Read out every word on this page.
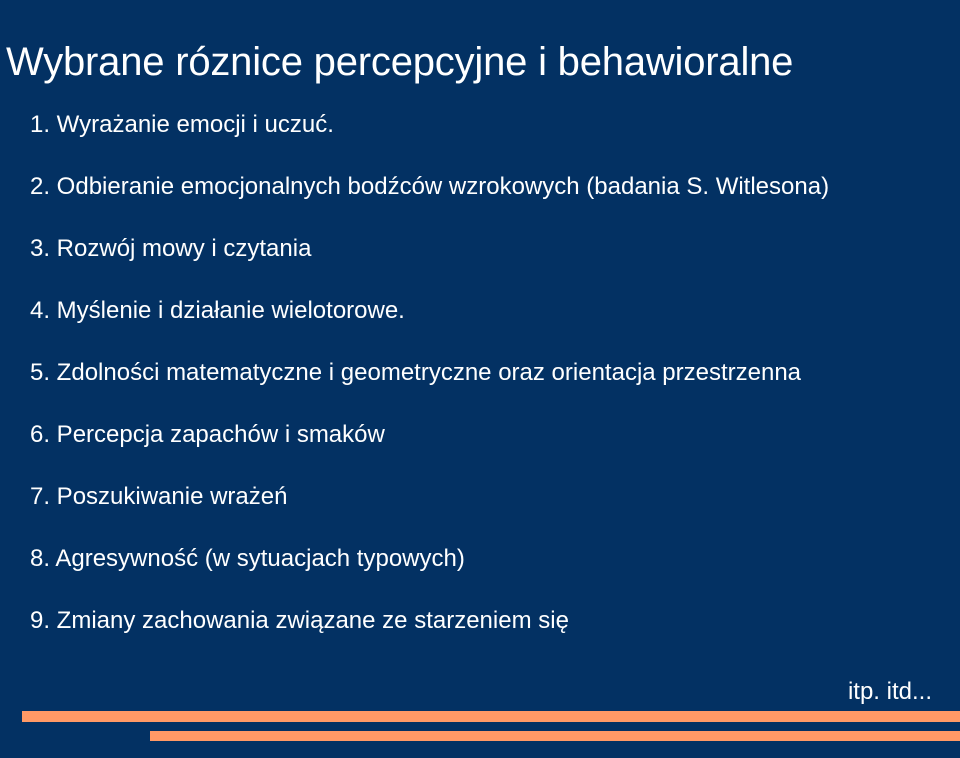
Wybrane róznice percepcyjne i behawioralne
1. Wyrażanie emocji i uczuć.
2. Odbieranie emocjonalnych bodźców wzrokowych (badania S. Witlesona)
3. Rozwój mowy i czytania
4. Myślenie i działanie wielotorowe.
5. Zdolności matematyczne i geometryczne oraz orientacja przestrzenna
6. Percepcja zapachów i smaków
7. Poszukiwanie wrażeń
8. Agresywność (w sytuacjach typowych)
9. Zmiany zachowania związane ze starzeniem się
itp. itd...
